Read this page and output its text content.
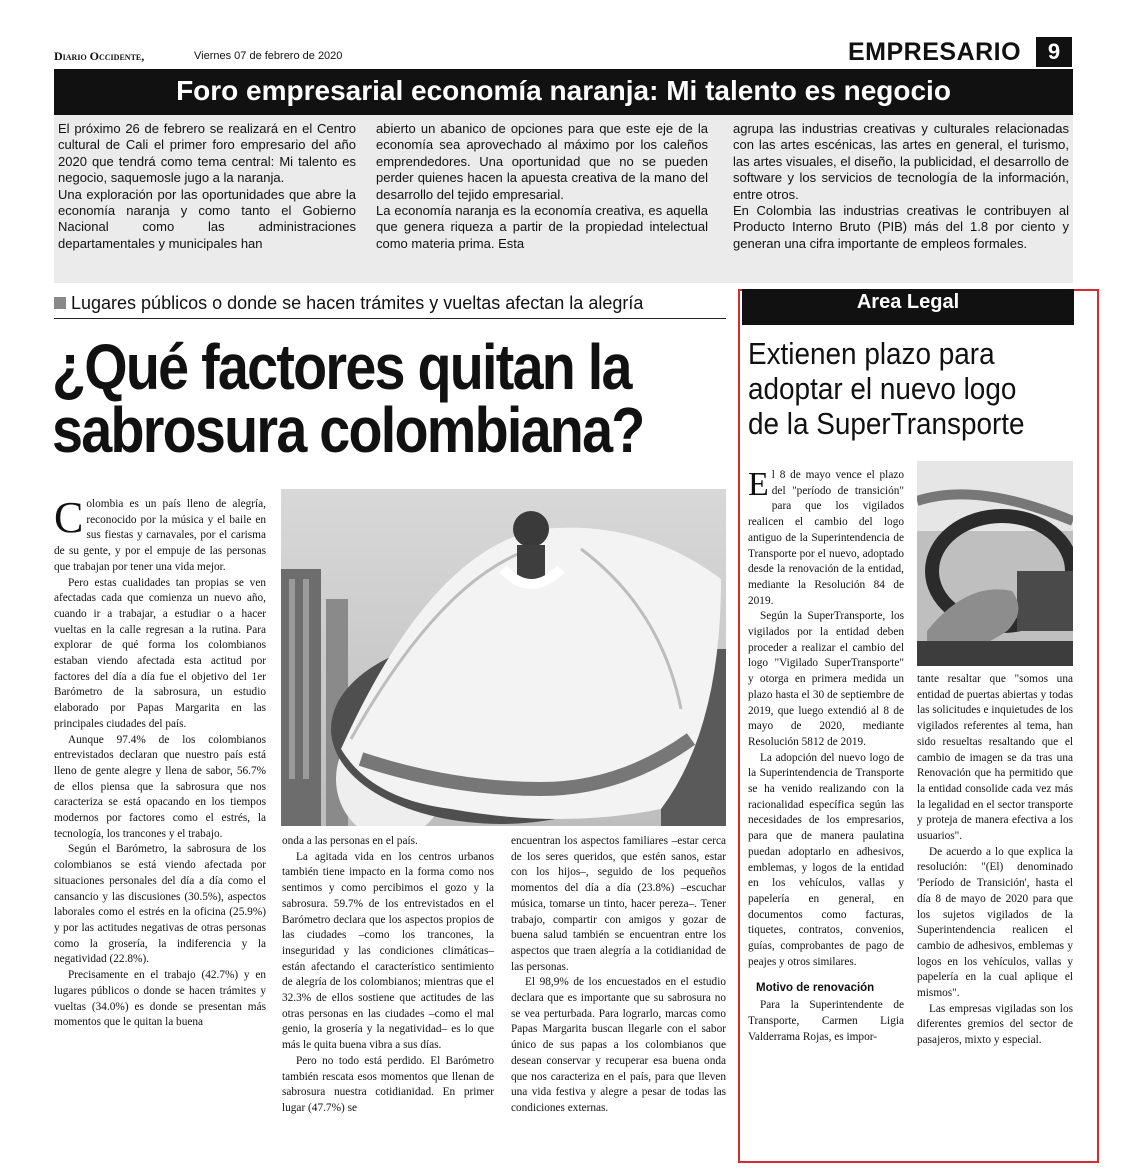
Diario Occidente,	Viernes 07 de febrero de 2020	EMPRESARIO	9
Foro empresarial economía naranja: Mi talento es negocio

El próximo 26 de febrero se realizará en el Centro cultural de Cali el primer foro empresario del año 2020 que tendrá como tema central: Mi talento es negocio, saquemosle jugo a la naranja.

Una exploración por las oportunidades que abre la economía naranja y como tanto el Gobierno Nacional como las administraciones departamentales y municipales han

abierto un abanico de opciones para que este eje de la economía sea aprovechado al máximo por los caleños emprendedores. Una oportunidad que no se pueden perder quienes hacen la apuesta creativa de la mano del desarrollo del tejido empresarial.

La economía naranja es la economía creativa, es aquella que genera riqueza a partir de la propiedad intelectual como materia prima. Esta

agrupa las industrias creativas y culturales relacionadas con las artes escénicas, las artes en general, el turismo, las artes visuales, el diseño, la publicidad, el desarrollo de software y los servicios de tecnología de la información, entre otros.

En Colombia las industrias creativas le contribuyen al Producto Interno Bruto (PIB) más del 1.8 por ciento y generan una cifra importante de empleos formales.

Lugares públicos o donde se hacen trámites y vueltas afectan la alegría
¿Qué factores quitan la sabrosura colombiana?

Colombia es un país lleno de alegría, reconocido por la música y el baile en sus fiestas y carnavales, por el carisma de su gente, y por el empuje de las personas que trabajan por tener una vida mejor.

Pero estas cualidades tan propias se ven afectadas cada que comienza un nuevo año, cuando ir a trabajar, a estudiar o a hacer vueltas en la calle regresan a la rutina. Para explorar de qué forma los colombianos estaban viendo afectada esta actitud por factores del día a día fue el objetivo del 1er Barómetro de la sabrosura, un estudio elaborado por Papas Margarita en las principales ciudades del país.

Aunque 97.4% de los colombianos entrevistados declaran que nuestro país está lleno de gente alegre y llena de sabor, 56.7% de ellos piensa que la sabrosura que nos caracteriza se está opacando en los tiempos modernos por factores como el estrés, la tecnología, los trancones y el trabajo.

Según el Barómetro, la sabrosura de los colombianos se está viendo afectada por situaciones personales del día a día como el cansancio y las discusiones (30.5%), aspectos laborales como el estrés en la oficina (25.9%) y por las actitudes negativas de otras personas como la grosería, la indiferencia y la negatividad (22.8%).

Precisamente en el trabajo (42.7%) y en lugares públicos o donde se hacen trámites y vueltas (34.0%) es donde se presentan más momentos que le quitan la buena

onda a las personas en el país.

La agitada vida en los centros urbanos también tiene impacto en la forma como nos sentimos y como percibimos el gozo y la sabrosura. 59.7% de los entrevistados en el Barómetro declara que los aspectos propios de las ciudades –como los trancones, la inseguridad y las condiciones climáticas– están afectando el característico sentimiento de alegría de los colombianos; mientras que el 32.3% de ellos sostiene que actitudes de las otras personas en las ciudades –como el mal genio, la grosería y la negatividad– es lo que más le quita buena vibra a sus días.

Pero no todo está perdido. El Barómetro también rescata esos momentos que llenan de sabrosura nuestra cotidianidad. En primer lugar (47.7%) se

encuentran los aspectos familiares –estar cerca de los seres queridos, que estén sanos, estar con los hijos–, seguido de los pequeños momentos del día a día (23.8%) –escuchar música, tomarse un tinto, hacer pereza–. Tener trabajo, compartir con amigos y gozar de buena salud también se encuentran entre los aspectos que traen alegría a la cotidianidad de las personas.

El 98,9% de los encuestados en el estudio declara que es importante que su sabrosura no se vea perturbada. Para lograrlo, marcas como Papas Margarita buscan llegarle con el sabor único de sus papas a los colombianos que desean conservar y recuperar esa buena onda que nos caracteriza en el país, para que lleven una vida festiva y alegre a pesar de todas las condiciones externas.

Area Legal
Extienen plazo para adoptar el nuevo logo de la SuperTransporte

El 8 de mayo vence el plazo del "período de transición" para que los vigilados realicen el cambio del logo antiguo de la Superintendencia de Transporte por el nuevo, adoptado desde la renovación de la entidad, mediante la Resolución 84 de 2019.

Según la SuperTransporte, los vigilados por la entidad deben proceder a realizar el cambio del logo "Vigilado SuperTransporte" y otorga en primera medida un plazo hasta el 30 de septiembre de 2019, que luego extendió al 8 de mayo de 2020, mediante Resolución 5812 de 2019.

La adopción del nuevo logo de la Superintendencia de Transporte se ha venido realizando con la racionalidad específica según las necesidades de los empresarios, para que de manera paulatina puedan adoptarlo en adhesivos, emblemas, y logos de la entidad en los vehículos, vallas y papelería en general, en documentos como facturas, tiquetes, contratos, convenios, guías, comprobantes de pago de peajes y otros similares.

Motivo de renovación

Para la Superintendente de Transporte, Carmen Ligia Valderrama Rojas, es impor-

tante resaltar que "somos una entidad de puertas abiertas y todas las solicitudes e inquietudes de los vigilados referentes al tema, han sido resueltas resaltando que el cambio de imagen se da tras una Renovación que ha permitido que la entidad consolide cada vez más la legalidad en el sector transporte y proteja de manera efectiva a los usuarios".

De acuerdo a lo que explica la resolución: "(El) denominado 'Período de Transición', hasta el día 8 de mayo de 2020 para que los sujetos vigilados de la Superintendencia realicen el cambio de adhesivos, emblemas y logos en los vehículos, vallas y papelería en la cual aplique el mismos".

Las empresas vigiladas son los diferentes gremios del sector de pasajeros, mixto y especial.
